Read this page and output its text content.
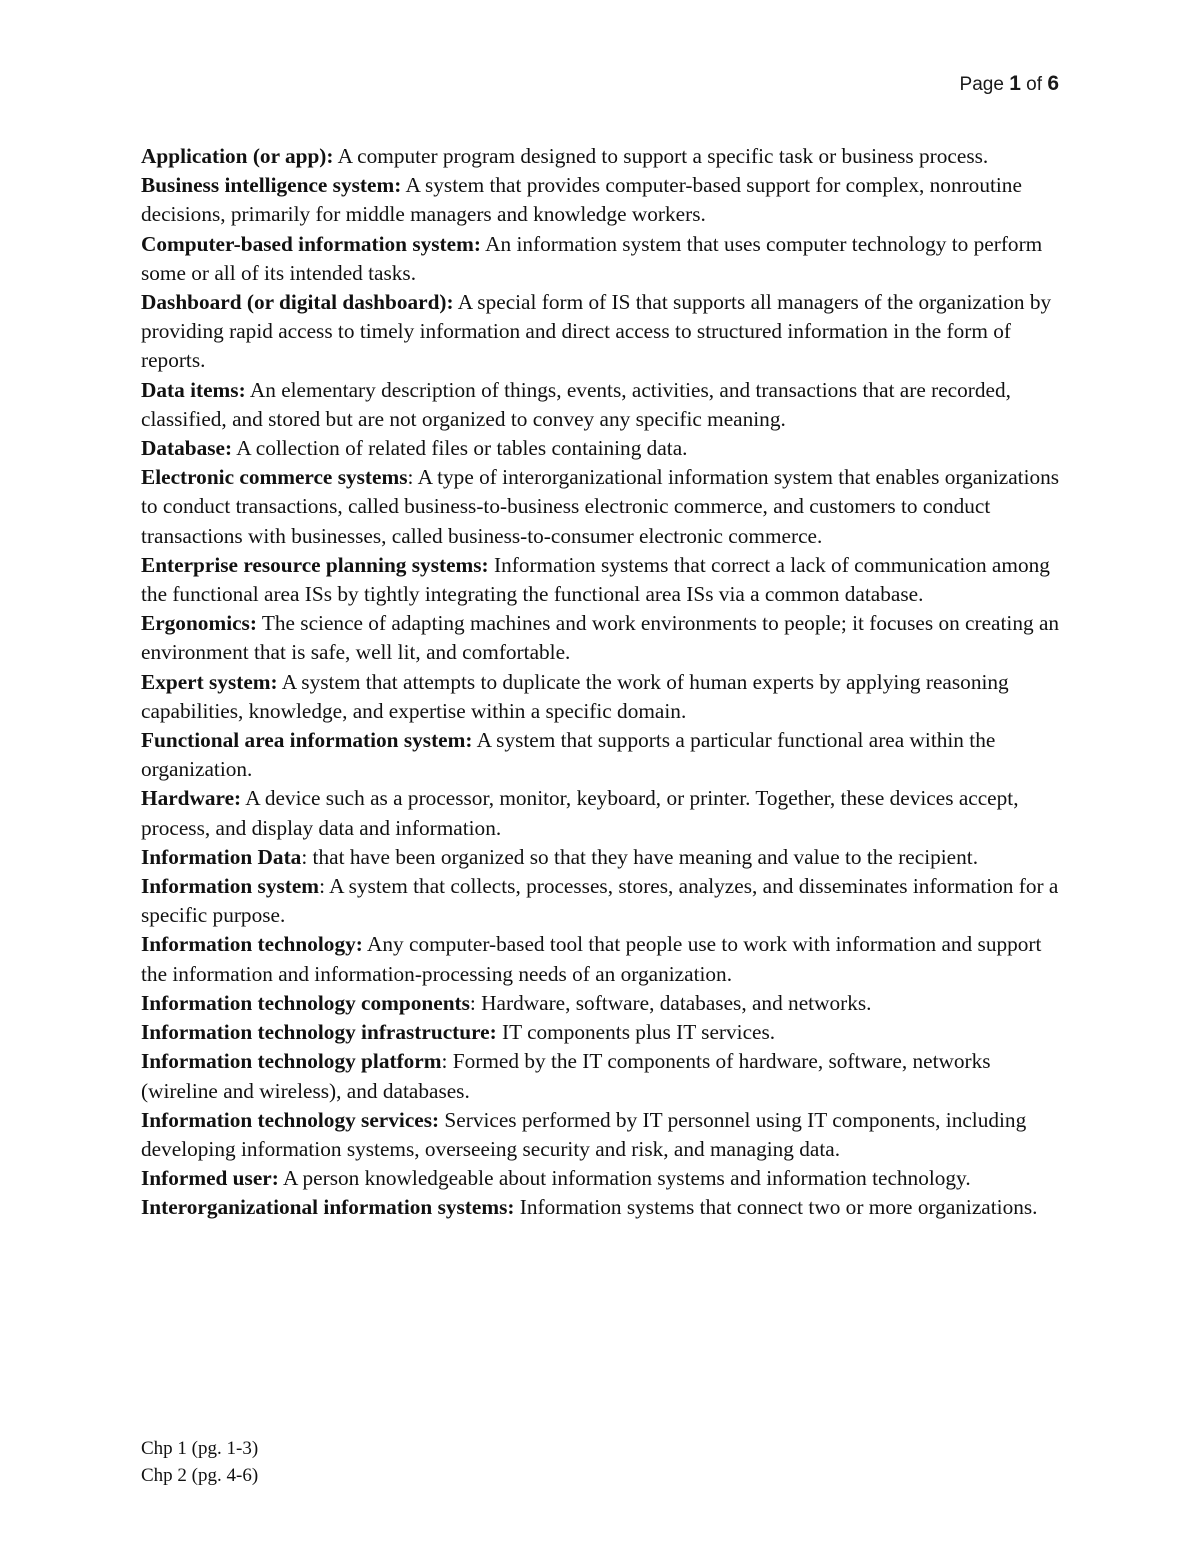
Page 1 of 6

Application (or app): A computer program designed to support a specific task or business process.

Business intelligence system: A system that provides computer-based support for complex, nonroutine decisions, primarily for middle managers and knowledge workers.

Computer-based information system: An information system that uses computer technology to perform some or all of its intended tasks.

Dashboard (or digital dashboard): A special form of IS that supports all managers of the organization by providing rapid access to timely information and direct access to structured information in the form of reports.

Data items: An elementary description of things, events, activities, and transactions that are recorded, classified, and stored but are not organized to convey any specific meaning.

Database: A collection of related files or tables containing data.

Electronic commerce systems: A type of interorganizational information system that enables organizations to conduct transactions, called business-to-business electronic commerce, and customers to conduct transactions with businesses, called business-to-consumer electronic commerce.

Enterprise resource planning systems: Information systems that correct a lack of communication among the functional area ISs by tightly integrating the functional area ISs via a common database.

Ergonomics: The science of adapting machines and work environments to people; it focuses on creating an environment that is safe, well lit, and comfortable.

Expert system: A system that attempts to duplicate the work of human experts by applying reasoning capabilities, knowledge, and expertise within a specific domain.

Functional area information system: A system that supports a particular functional area within the organization.

Hardware: A device such as a processor, monitor, keyboard, or printer. Together, these devices accept, process, and display data and information.

Information Data: that have been organized so that they have meaning and value to the recipient.

Information system: A system that collects, processes, stores, analyzes, and disseminates information for a specific purpose.

Information technology: Any computer-based tool that people use to work with information and support the information and information-processing needs of an organization.

Information technology components: Hardware, software, databases, and networks.

Information technology infrastructure: IT components plus IT services.

Information technology platform: Formed by the IT components of hardware, software, networks (wireline and wireless), and databases.

Information technology services: Services performed by IT personnel using IT components, including developing information systems, overseeing security and risk, and managing data.

Informed user: A person knowledgeable about information systems and information technology.

Interorganizational information systems: Information systems that connect two or more organizations.

Chp 1 (pg. 1-3)
Chp 2 (pg. 4-6)
